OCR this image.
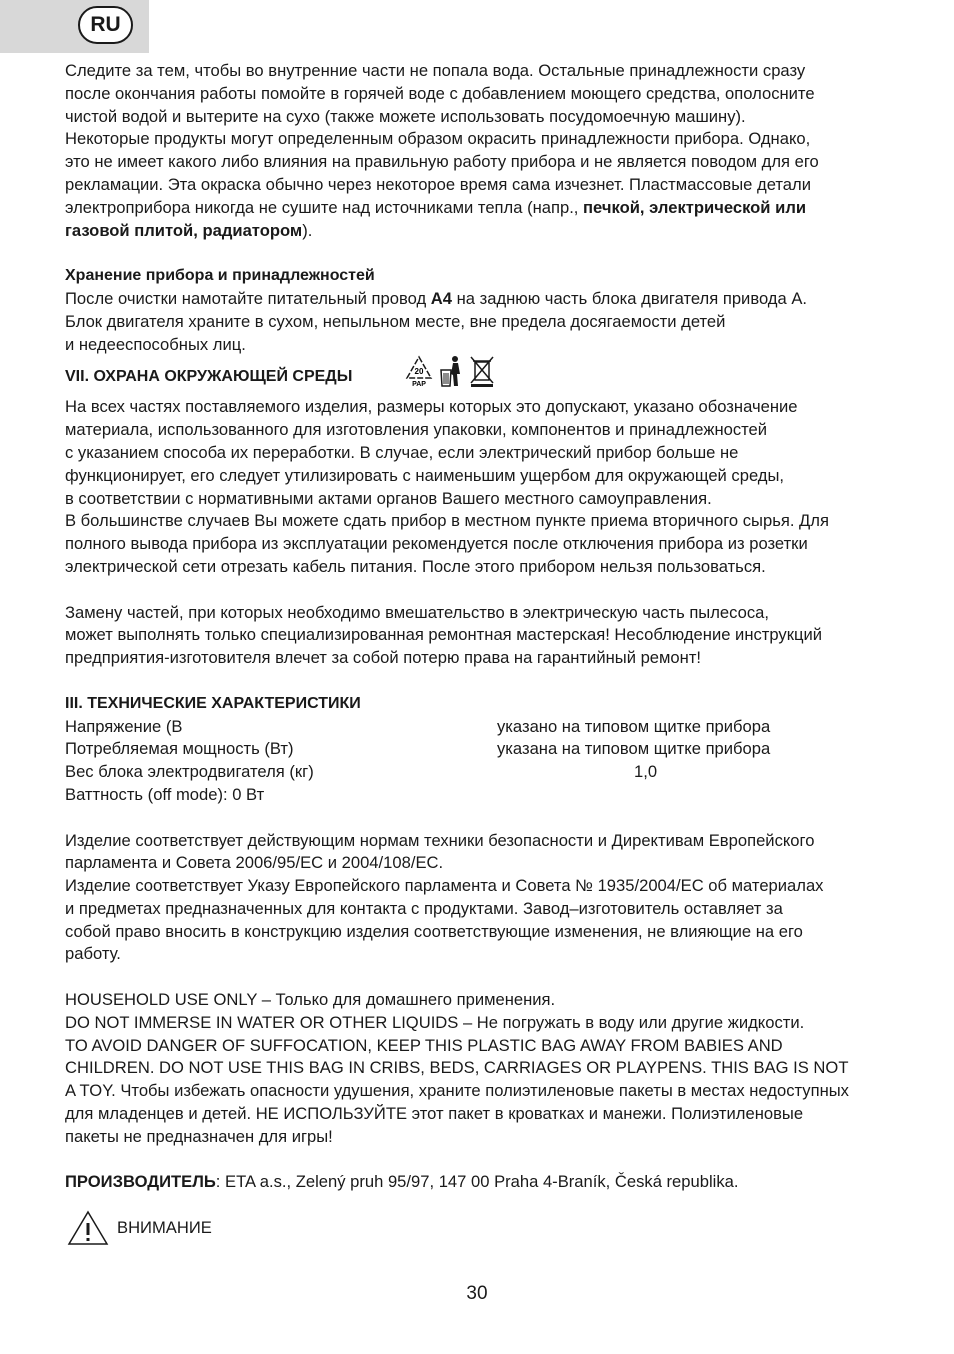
RU

Следите за тем, чтобы во внутренние части не попала вода. Остальные принадлежности сразу

после окончания работы помойте в горячей воде с добавлением моющего средства, ополосните

чистой водой и вытерите на сухо (также можете использовать посудомоечную машину).

Некоторые продукты могут определенным образом окрасить принадлежности прибора. Однако,

это не имеет какого либо влияния на правильную работу прибора и не является поводом для его

рекламации. Эта окраска обычно через некоторое время сама изчезнет. Пластмассовые детали

электроприбора никогда не сушите над источниками тепла (напр., печкой, электрической или

газовой плитой, радиатором).

Хранение прибора и принадлежностей

После очистки намотайте питательный провод A4 на заднюю часть блока двигателя привода A.

Блок двигателя храните в сухом, непыльном месте, вне предела досягаемости детей

и недееспособных лиц.

VII. ОХРАНА ОКРУЖАЮЩЕЙ СРЕДЫ	20
PAP

На всех частях поставляемого изделия, размеры которых это допускают, указано обозначение

материала, использованного для изготовления упаковки, компонентов и принадлежностей

с указанием способа их переработки. В случае, если электрический прибор больше не

функционирует, его следует утилизировать с наименьшим ущербом для окружающей среды,

в соответствии с нормативными актами органов Вашего местного самоуправления.

В большинстве случаев Вы можете сдать прибор в местном пункте приема вторичного сырья. Для

полного вывода прибора из эксплуатации рекомендуется после отключения прибора из розетки

электрической сети отрезать кабель питания. После этого прибором нельзя пользоваться.

Замену частей, при которых необходимо вмешательство в электрическую часть пылесоса,

может выполнять только специализированная ремонтная мастерская! Несоблюдение инструкций

предприятия-изготовителя влечет за собой потерю права на гарантийный ремонт!

III. ТЕХНИЧЕСКИЕ ХАРАКТЕРИСТИКИ

Напряжение (В	указано на типовом щитке прибора
Потребляемая мощность (Вт)	указана на типовом щитке прибора
Вес блока электродвигателя (кг)	1,0
Ваттность (off mode): 0 Вт

Изделие соответствует действующим нормам техники безопасности и Директивам Европейского

парламента и Совета 2006/95/ЕС и 2004/108/ЕС.

Изделие соответствует Указу Европейского парламента и Совета № 1935/2004/ЕС об материалах

и предметах предназначенных для контакта с продуктами. Завод–изготовитель оставляет за

собой право вносить в конструкцию изделия соответствующие изменения, не влияющие на его

работу.

HOUSEHOLD USE ONLY – Только для домашнего применения.

DO NOT IMMERSE IN WATER OR OTHER LIQUIDS – Не погружать в воду или другие жидкости.

TO AVOID DANGER OF SUFFOCATION, KEEP THIS PLASTIC BAG AWAY FROM BABIES AND

CHILDREN. DO NOT USE THIS BAG IN CRIBS, BEDS, CARRIAGES OR PLAYPENS. THIS BAG IS NOT

A TOY. Чтобы избежать опасности удушения, храните полиэтиленовые пакеты в местах недоступных

для младенцев и детей. НЕ ИСПОЛЬЗУЙТЕ этот пакет в кроватках и манежи. Полиэтиленовые

пакеты не предназначен для игры!

ПРОИЗВОДИТЕЛЬ: ETA a.s., Zelený pruh 95/97, 147 00 Praha 4-Braník, Česká republika.

ВНИМАНИЕ
30
